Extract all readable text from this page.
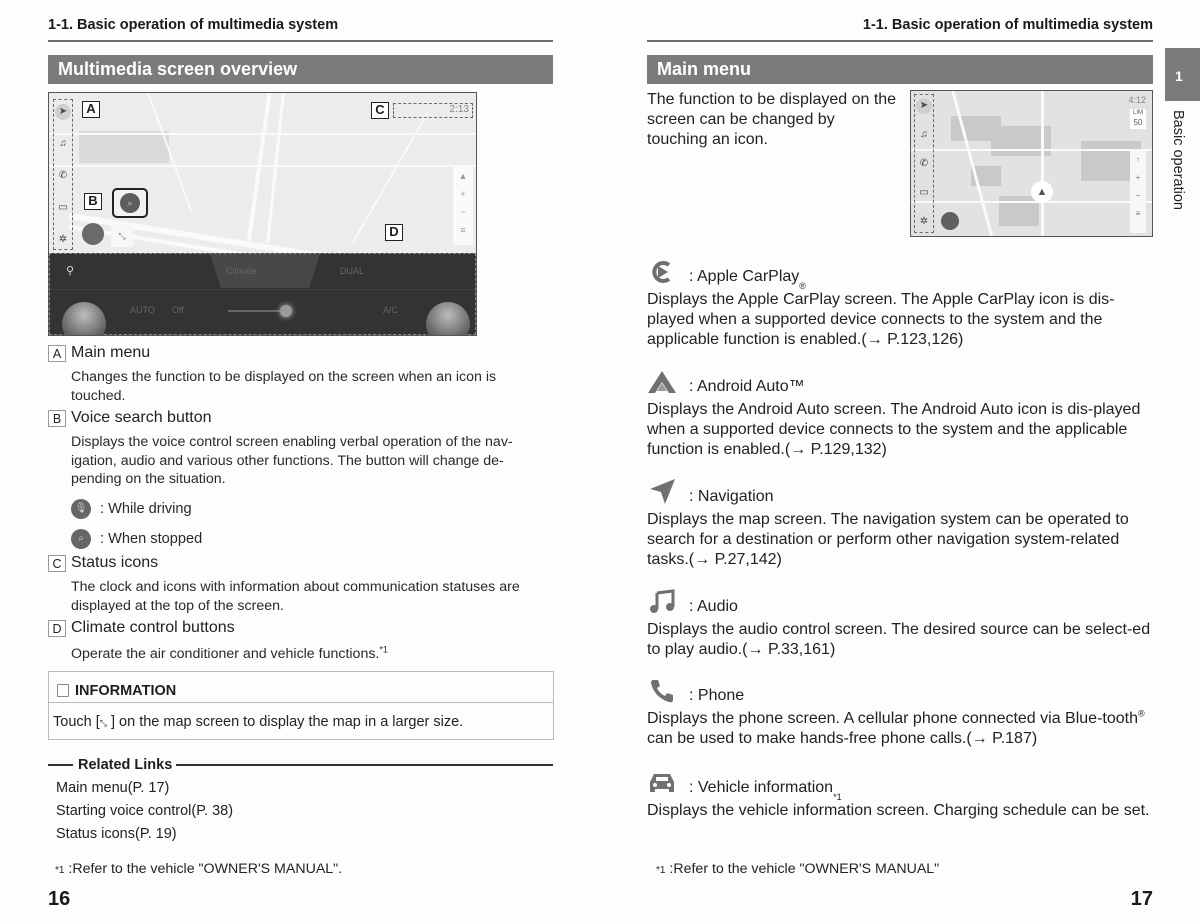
1-1. Basic operation of multimedia system
Multimedia screen overview
➤
♫
✆
▭
✲
A
B
C
D
2:13
⌕
⤡
▲
+
−
≡
⚲	Climate	DUAL
AUTO Off	A/C
A Main menu
Changes the function to be displayed on the screen when an icon is touched.
B Voice search button
Displays the voice control screen enabling verbal operation of the nav-igation, audio and various other functions. The button will change de-pending on the situation.
🎙 : While driving
⌕	: When stopped
C Status icons
The clock and icons with information about communication statuses are displayed at the top of the screen.
D Climate control buttons
Operate the air conditioner and vehicle functions.$^{*1}$
INFORMATION
Touch [⤡ ] on the map screen to display the map in a larger size.
Related Links
Main menu(P. 17)
Starting voice control(P. 38)
Status icons(P. 19)
*1 :Refer to the vehicle "OWNER'S MANUAL".
16
1-1. Basic operation of multimedia system
Main menu
The function to be displayed on the screen can be changed by touching an icon.
➤
♫
✆
▭
✲
▲
4:12
LIM
50
↑
+
−
≡
: Apple CarPlay
®
Displays the Apple CarPlay screen. The Apple CarPlay icon is dis-played when a supported device connects to the system and the applicable function is enabled.(→ P.123,126)
: Android Auto™
Displays the Android Auto screen. The Android Auto icon is dis-played when a supported device connects to the system and the applicable function is enabled.(→ P.129,132)
: Navigation
Displays the map screen. The navigation system can be operated to search for a destination or perform other navigation system-related tasks.(→ P.27,142)
: Audio
Displays the audio control screen. The desired source can be select-ed to play audio.(→ P.33,161)
: Phone
Displays the phone screen. A cellular phone connected via Blue-tooth® can be used to make hands-free phone calls.(→ P.187)
: Vehicle information
*1
Displays the vehicle information screen. Charging schedule can be set.
*1 :Refer to the vehicle "OWNER'S MANUAL"
17
1
Basic operation
